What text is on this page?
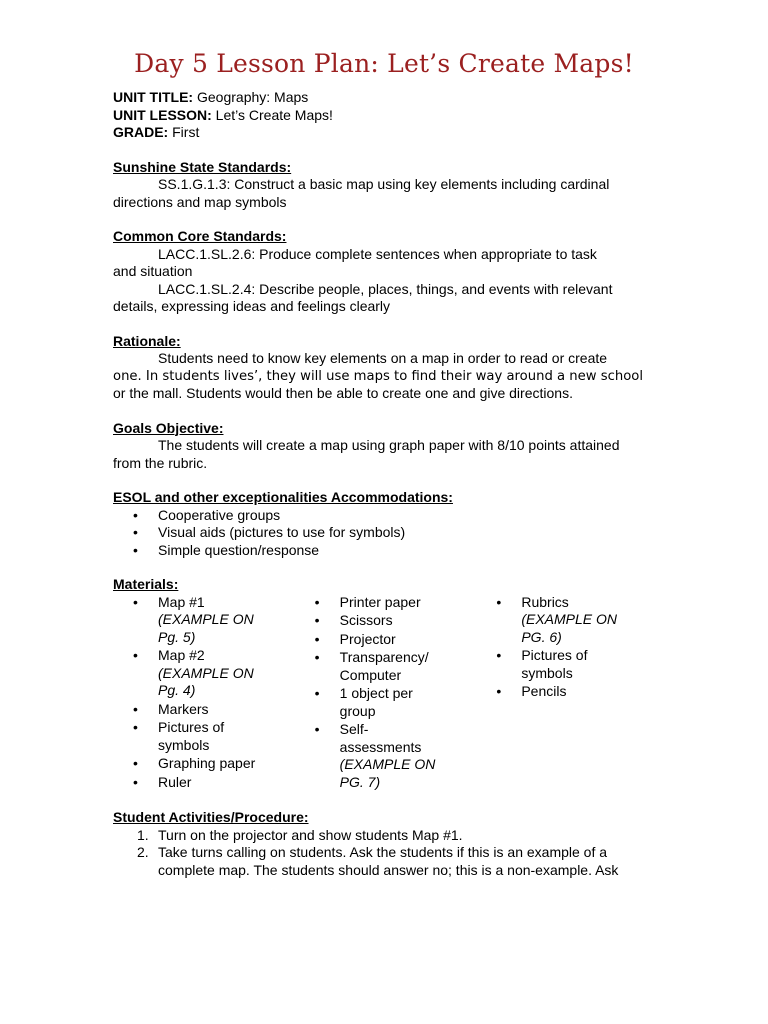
Day 5 Lesson Plan: Let’s Create Maps!
UNIT TITLE: Geography: Maps
UNIT LESSON: Let’s Create Maps!
GRADE: First
Sunshine State Standards:
SS.1.G.1.3: Construct a basic map using key elements including cardinal
directions and map symbols
Common Core Standards:
LACC.1.SL.2.6: Produce complete sentences when appropriate to task
and situation
LACC.1.SL.2.4: Describe people, places, things, and events with relevant
details, expressing ideas and feelings clearly
Rationale:
Students need to know key elements on a map in order to read or create
one. In students lives’, they will use maps to find their way around a new school
or the mall. Students would then be able to create one and give directions.
Goals Objective:
The students will create a map using graph paper with 8/10 points attained
from the rubric.
ESOL and other exceptionalities Accommodations:
• Cooperative groups
• Visual aids (pictures to use for symbols)
• Simple question/response
Materials:
• Map #1
(EXAMPLE ON
Pg. 5)
• Map #2
(EXAMPLE ON
Pg. 4)
• Markers
• Pictures of
symbols
• Graphing paper
• Ruler
• Printer paper
• Scissors
• Projector
• Transparency/
Computer
• 1 object per
group
• Self-
assessments
(EXAMPLE ON
PG. 7)
• Rubrics
(EXAMPLE ON
PG. 6)
• Pictures of
symbols
• Pencils
Student Activities/Procedure:
1. Turn on the projector and show students Map #1.
2. Take turns calling on students. Ask the students if this is an example of a
complete map. The students should answer no; this is a non-example. Ask
